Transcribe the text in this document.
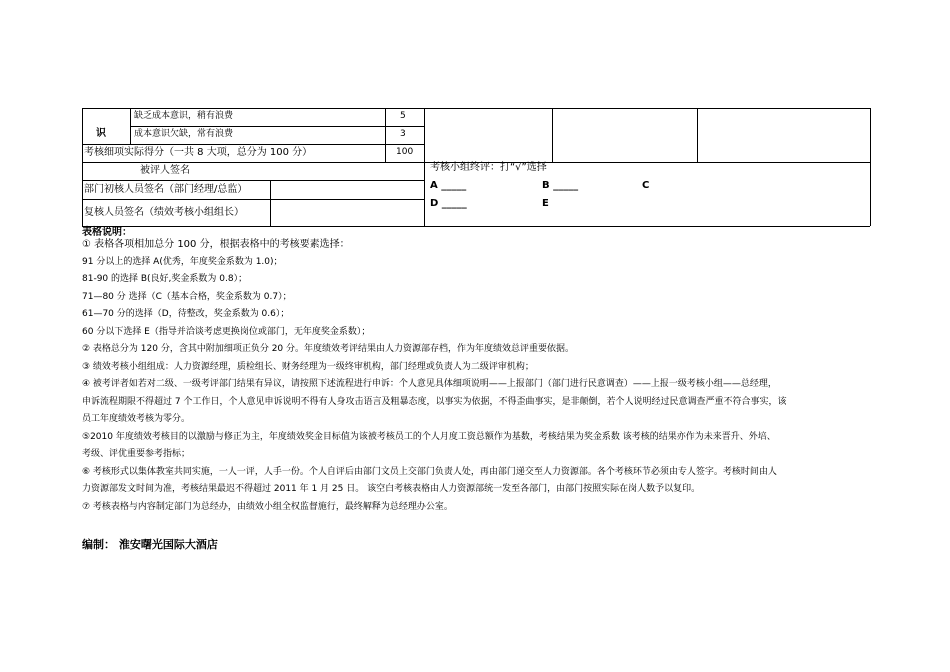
识
缺乏成本意识，稍有浪费	5
成本意识欠缺，常有浪费	3
考核细项实际得分（一共 8 大项，总分为 100 分）	100
被评人签名
部门初核人员签名（部门经理/总监）
复核人员签名（绩效考核小组组长）
考核小组终评：打“√”选择
A _____	B _____	C
D _____	E
表格说明：
① 表格各项相加总分 100 分，根据表格中的考核要素选择：
91 分以上的选择 A(优秀，年度奖金系数为 1.0)；
81-90 的选择 B(良好,奖金系数为 0.8）；
71—80 分 选择（C（基本合格，奖金系数为 0.7）；
61—70 分的选择（D，待整改，奖金系数为 0.6）；
60 分以下选择 E（指导并洽谈考虑更换岗位或部门，无年度奖金系数）；
② 表格总分为 120 分，含其中附加细项正负分 20 分。年度绩效考评结果由人力资源部存档，作为年度绩效总评重要依据。
③ 绩效考核小组组成：人力资源经理，质检组长、财务经理为一级终审机构，部门经理或负责人为二级评审机构；
④ 被考评者如若对二级、一级考评部门结果有异议，请按照下述流程进行申诉：个人意见具体细项说明——上报部门（部门进行民意调查）——上报一级考核小组——总经理，
申诉流程期限不得超过 7 个工作日，个人意见申诉说明不得有人身攻击语言及粗暴态度，以事实为依据，不得歪曲事实，是非颠倒，若个人说明经过民意调查严重不符合事实，该
员工年度绩效考核为零分。
⑤2010 年度绩效考核目的以激励与修正为主，年度绩效奖金目标值为该被考核员工的个人月度工资总额作为基数，考核结果为奖金系数 该考核的结果亦作为未来晋升、外培、
考级、评优重要参考指标；
⑥ 考核形式以集体教室共同实施，一人一评，人手一份。个人自评后由部门文员上交部门负责人处，再由部门递交至人力资源部。各个考核环节必须由专人签字。考核时间由人
力资源部发文时间为准，考核结果最迟不得超过 2011 年 1 月 25 日。 该空白考核表格由人力资源部统一发至各部门，由部门按照实际在岗人数予以复印。
⑦ 考核表格与内容制定部门为总经办，由绩效小组全权监督施行，最终解释为总经理办公室。
编制： 淮安曙光国际大酒店
